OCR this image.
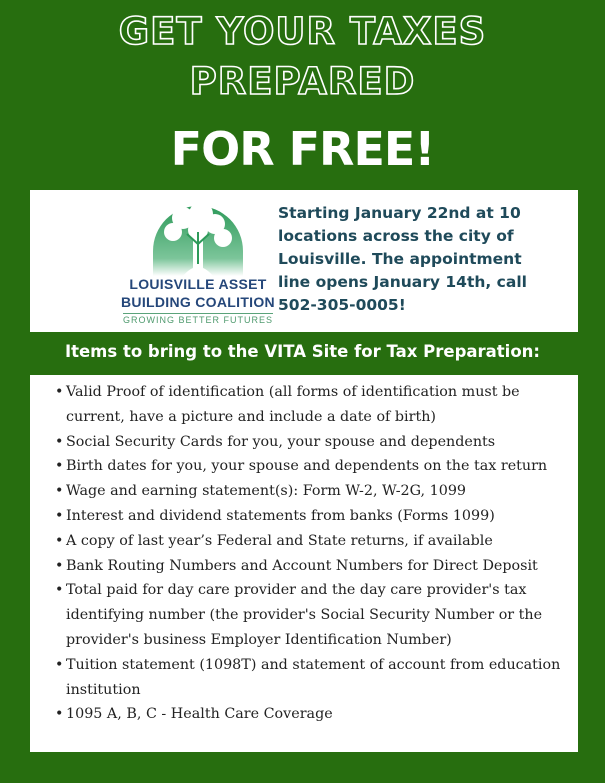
GET YOUR TAXES
PREPARED
FOR FREE!
LOUISVILLE ASSET
BUILDING COALITION
GROWING BETTER FUTURES
Starting January 22nd at 10
locations across the city of
Louisville. The appointment
line opens January 14th, call
502-305-0005!
Items to bring to the VITA Site for Tax Preparation:
• Valid Proof of identification (all forms of identification must be current, have a picture and include a date of birth)
• Social Security Cards for you, your spouse and dependents
• Birth dates for you, your spouse and dependents on the tax return
• Wage and earning statement(s): Form W-2, W-2G, 1099
• Interest and dividend statements from banks (Forms 1099)
• A copy of last year’s Federal and State returns, if available
• Bank Routing Numbers and Account Numbers for Direct Deposit
• Total paid for day care provider and the day care provider's tax identifying number (the provider's Social Security Number or the provider's business Employer Identification Number)
• Tuition statement (1098T) and statement of account from education institution
• 1095 A, B, C - Health Care Coverage
